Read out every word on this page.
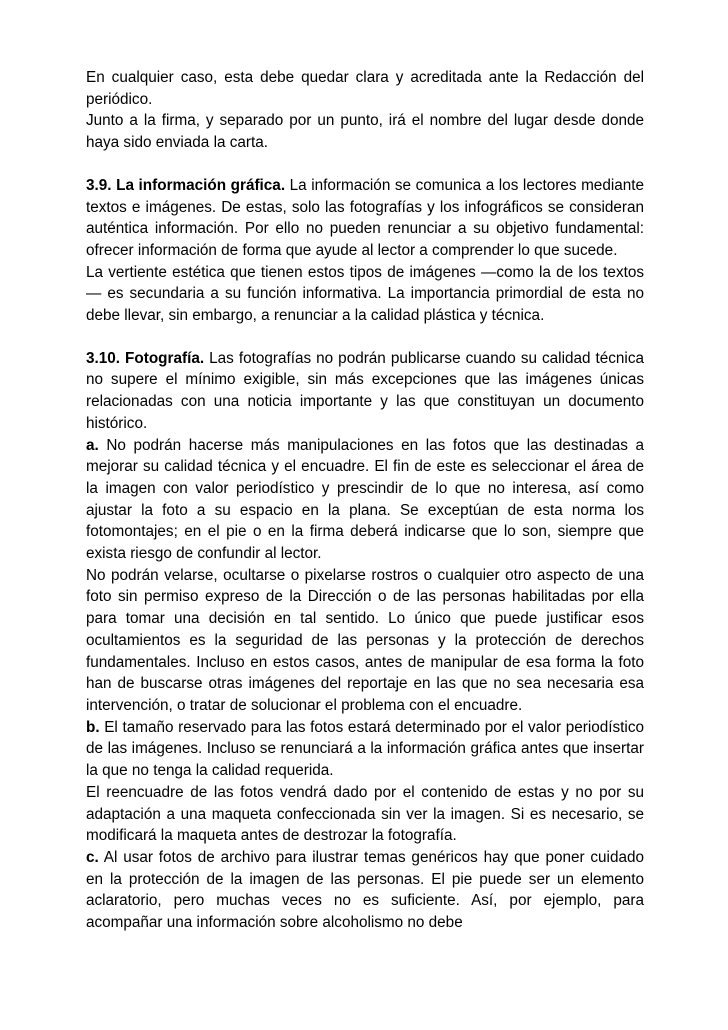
En cualquier caso, esta debe quedar clara y acreditada ante la Redacción del periódico.

Junto a la firma, y separado por un punto, irá el nombre del lugar desde donde haya sido enviada la carta.

3.9. La información gráfica. La información se comunica a los lectores mediante textos e imágenes. De estas, solo las fotografías y los infográficos se consideran auténtica información. Por ello no pueden renunciar a su objetivo fundamental: ofrecer información de forma que ayude al lector a comprender lo que sucede.

La vertiente estética que tienen estos tipos de imágenes —como la de los textos— es secundaria a su función informativa. La importancia primordial de esta no debe llevar, sin embargo, a renunciar a la calidad plástica y técnica.

3.10. Fotografía. Las fotografías no podrán publicarse cuando su calidad técnica no supere el mínimo exigible, sin más excepciones que las imágenes únicas relacionadas con una noticia importante y las que constituyan un documento histórico.

a. No podrán hacerse más manipulaciones en las fotos que las destinadas a mejorar su calidad técnica y el encuadre. El fin de este es seleccionar el área de la imagen con valor periodístico y prescindir de lo que no interesa, así como ajustar la foto a su espacio en la plana. Se exceptúan de esta norma los fotomontajes; en el pie o en la firma deberá indicarse que lo son, siempre que exista riesgo de confundir al lector.

No podrán velarse, ocultarse o pixelarse rostros o cualquier otro aspecto de una foto sin permiso expreso de la Dirección o de las personas habilitadas por ella para tomar una decisión en tal sentido. Lo único que puede justificar esos ocultamientos es la seguridad de las personas y la protección de derechos fundamentales. Incluso en estos casos, antes de manipular de esa forma la foto han de buscarse otras imágenes del reportaje en las que no sea necesaria esa intervención, o tratar de solucionar el problema con el encuadre.

b. El tamaño reservado para las fotos estará determinado por el valor periodístico de las imágenes. Incluso se renunciará a la información gráfica antes que insertar la que no tenga la calidad requerida.

El reencuadre de las fotos vendrá dado por el contenido de estas y no por su adaptación a una maqueta confeccionada sin ver la imagen. Si es necesario, se modificará la maqueta antes de destrozar la fotografía.

c. Al usar fotos de archivo para ilustrar temas genéricos hay que poner cuidado en la protección de la imagen de las personas. El pie puede ser un elemento aclaratorio, pero muchas veces no es suficiente. Así, por ejemplo, para acompañar una información sobre alcoholismo no debe
